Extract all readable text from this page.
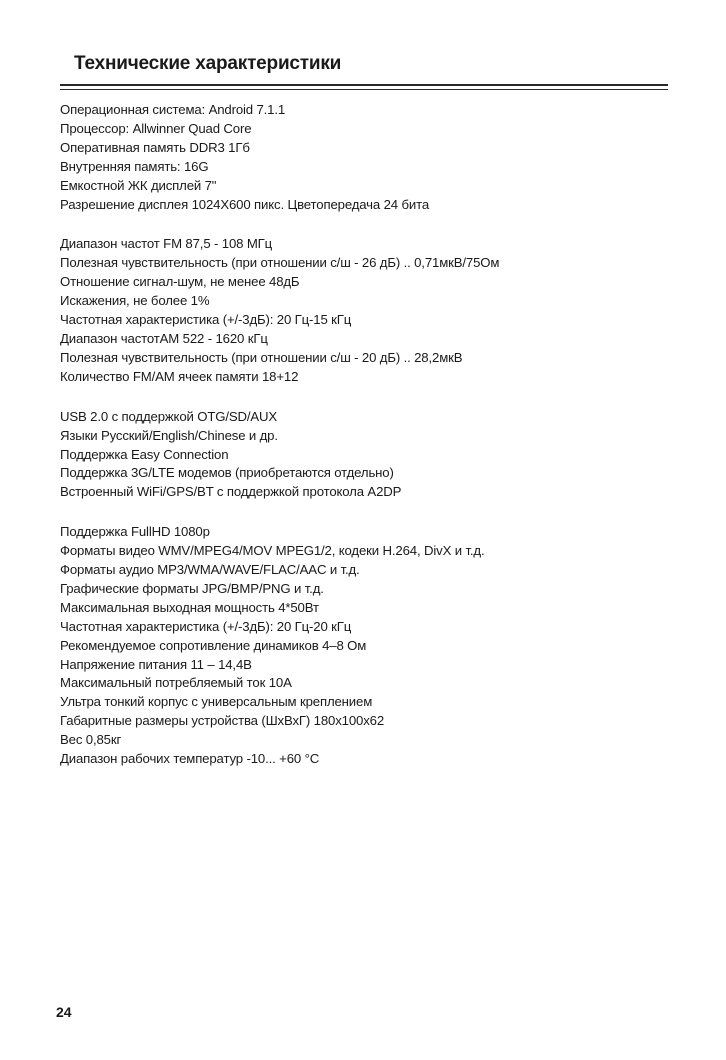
Технические характеристики
Операционная система: Android 7.1.1
Процессор: Allwinner Quad Core
Оперативная память DDR3 1Гб
Внутренняя память: 16G
Емкостной ЖК дисплей 7"
Разрешение дисплея 1024X600 пикс. Цветопередача 24 бита
Диапазон частот FM 87,5 - 108 МГц
Полезная чувствительность (при отношении с/ш - 26 дБ) .. 0,71мкВ/75Ом
Отношение сигнал-шум, не менее 48дБ
Искажения, не более 1%
Частотная характеристика (+/-3дБ): 20 Гц-15 кГц
Диапазон частотАМ 522 - 1620 кГц
Полезная чувствительность (при отношении с/ш - 20 дБ) .. 28,2мкВ
Количество FM/AM ячеек памяти 18+12
USB 2.0 с поддержкой OTG/SD/AUX
Языки Русский/English/Chinese и др.
Поддержка Easy Connection
Поддержка 3G/LTE модемов (приобретаются отдельно)
Встроенный WiFi/GPS/BT с поддержкой протокола A2DP
Поддержка FullHD 1080p
Форматы видео WMV/MPEG4/MOV MPEG1/2, кодеки H.264, DivX и т.д.
Форматы аудио MP3/WMA/WAVE/FLAC/AAC и т.д.
Графические форматы JPG/BMP/PNG и т.д.
Максимальная выходная мощность 4*50Вт
Частотная характеристика (+/-3дБ): 20 Гц-20 кГц
Рекомендуемое сопротивление динамиков 4–8 Ом
Напряжение питания 11 – 14,4В
Максимальный потребляемый ток 10А
Ультра тонкий корпус с универсальным креплением
Габаритные размеры устройства (ШхВхГ) 180х100х62
Вес 0,85кг
Диапазон рабочих температур -10... +60 °С
24
